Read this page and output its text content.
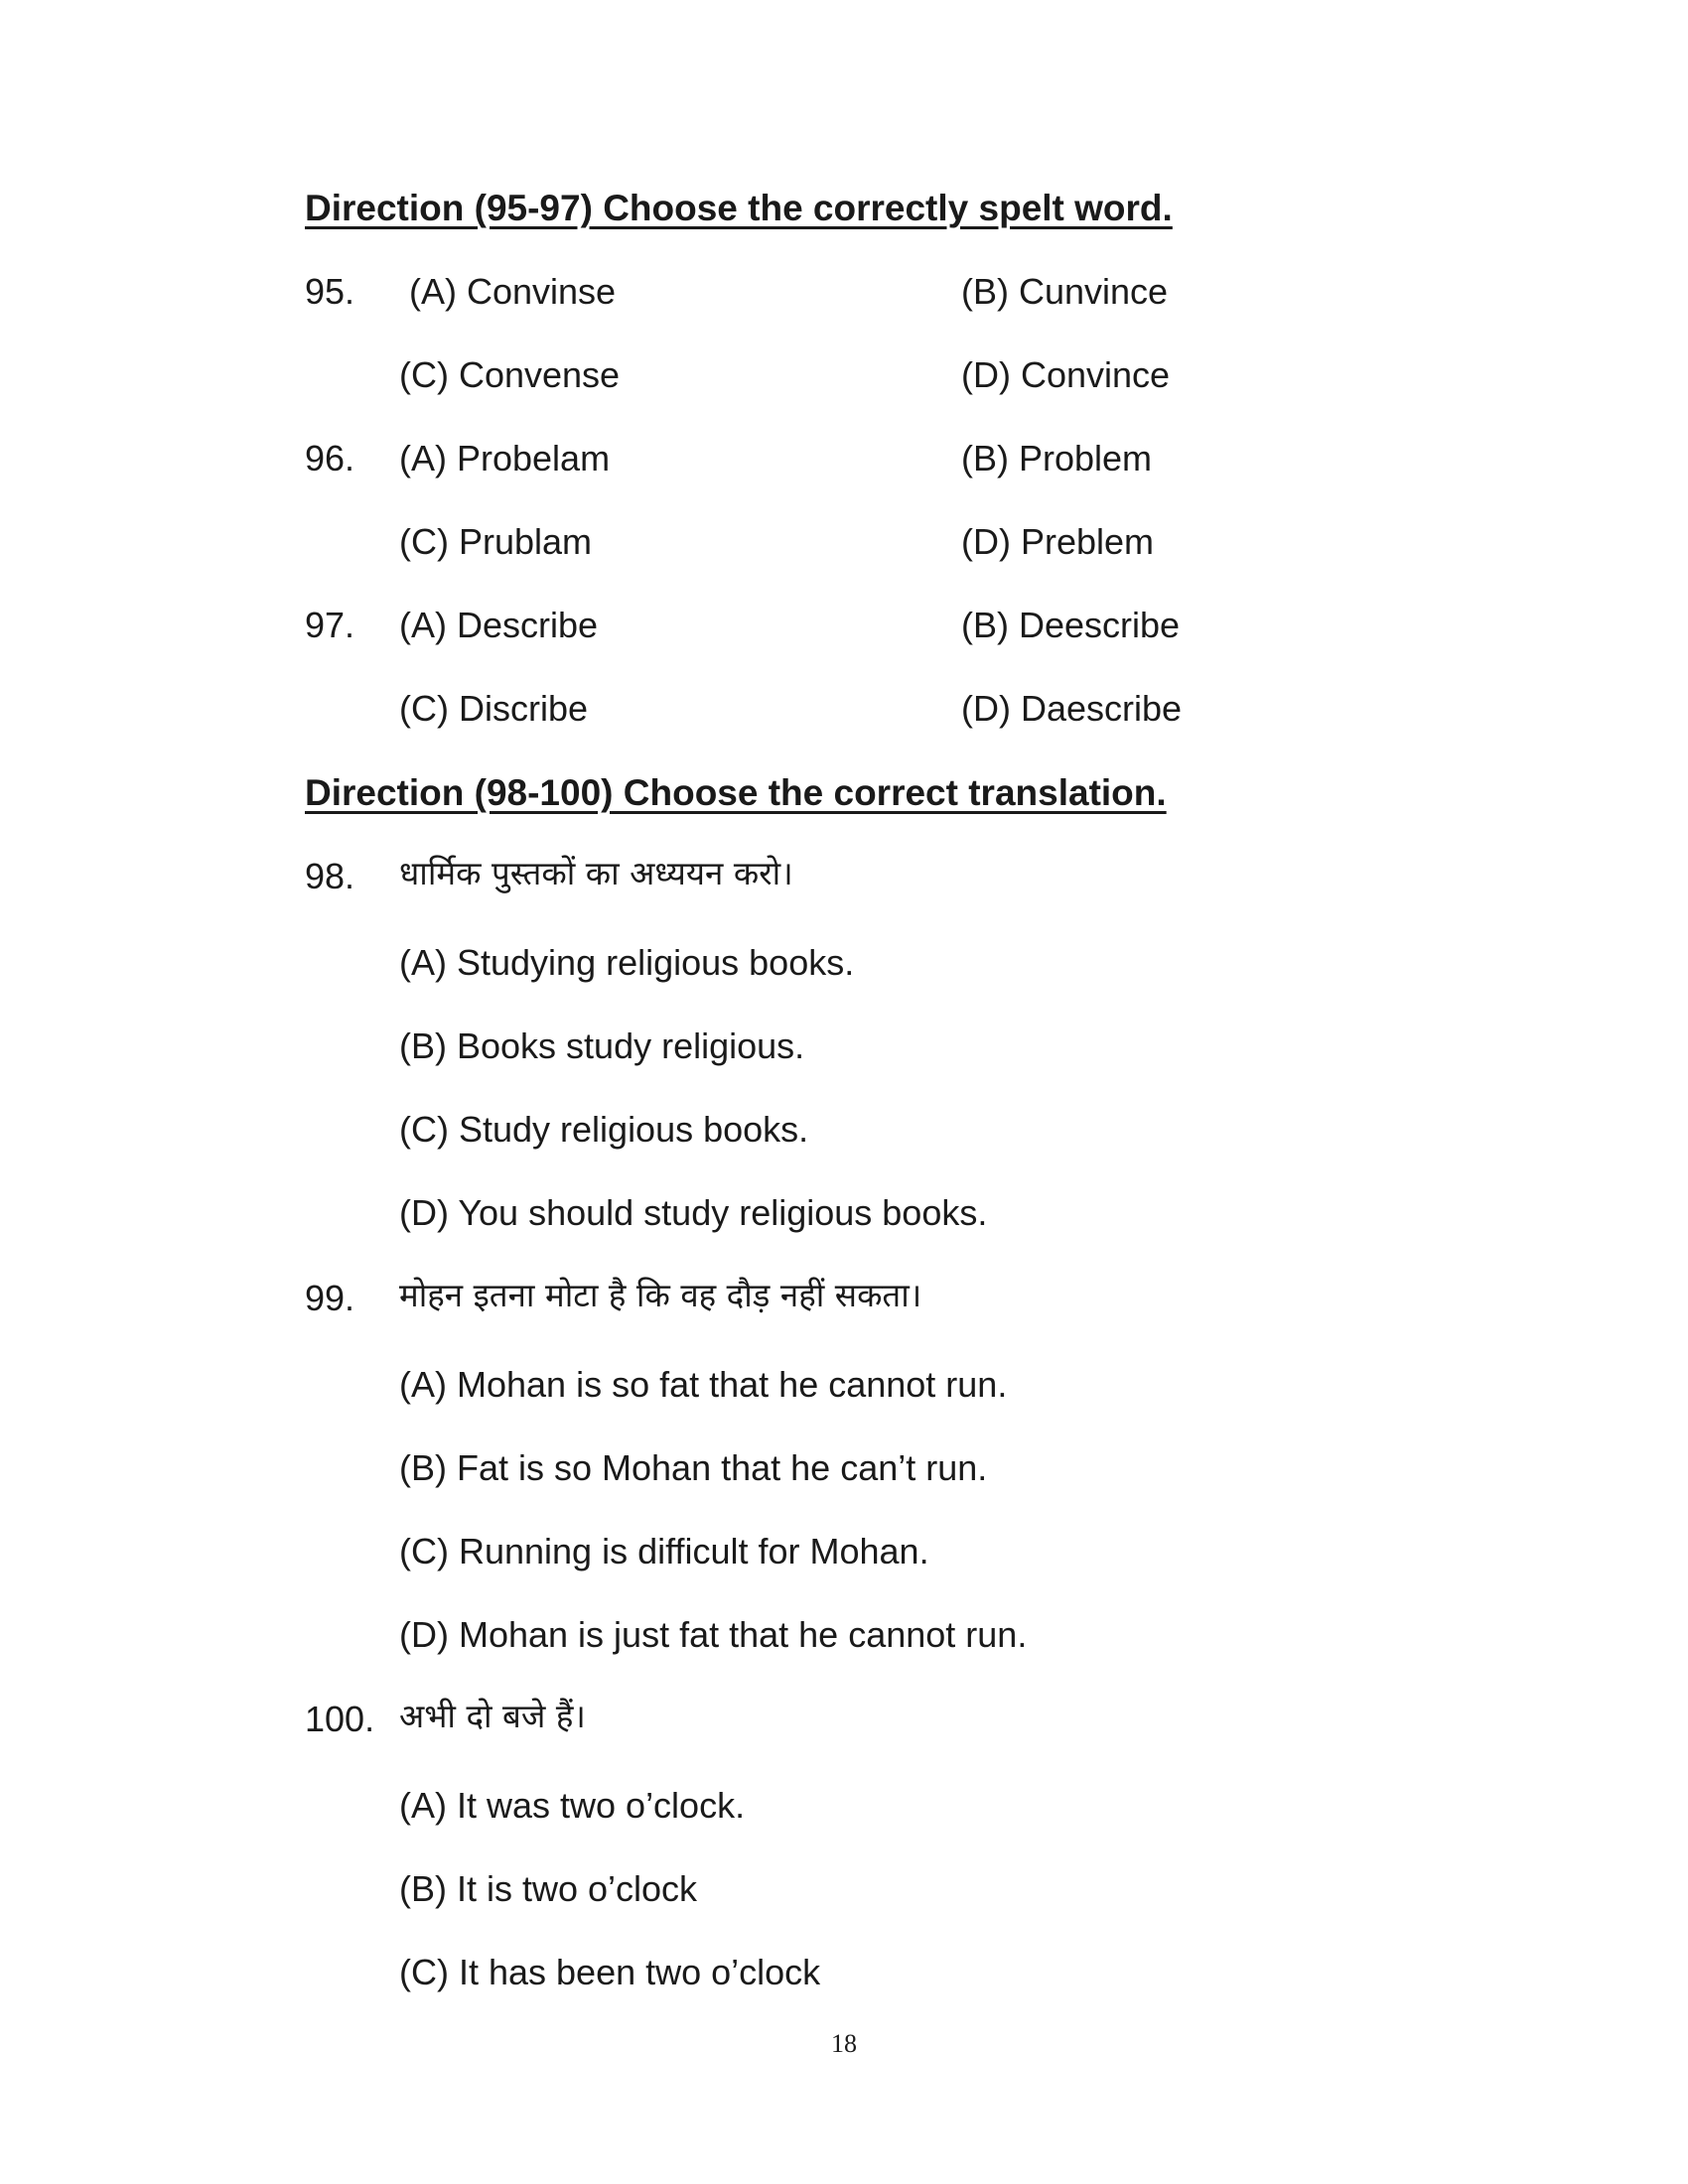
Direction (95-97) Choose the correctly spelt word.
95. (A) Convinse	(B) Cunvince
(C) Convense	(D) Convince
96. (A) Probelam	(B) Problem
(C) Prublam	(D) Preblem
97. (A) Describe	(B) Deescribe
(C) Discribe	(D) Daescribe
Direction (98-100) Choose the correct translation.
98. धार्मिक पुस्तकों का अध्ययन करो।
(A) Studying religious books.
(B) Books study religious.
(C) Study religious books.
(D) You should study religious books.
99. मोहन इतना मोटा है कि वह दौड़ नहीं सकता।
(A) Mohan is so fat that he cannot run.
(B) Fat is so Mohan that he can’t run.
(C) Running is difficult for Mohan.
(D) Mohan is just fat that he cannot run.
100. अभी दो बजे हैं।
(A) It was two o’clock.
(B) It is two o’clock
(C) It has been two o’clock
18
